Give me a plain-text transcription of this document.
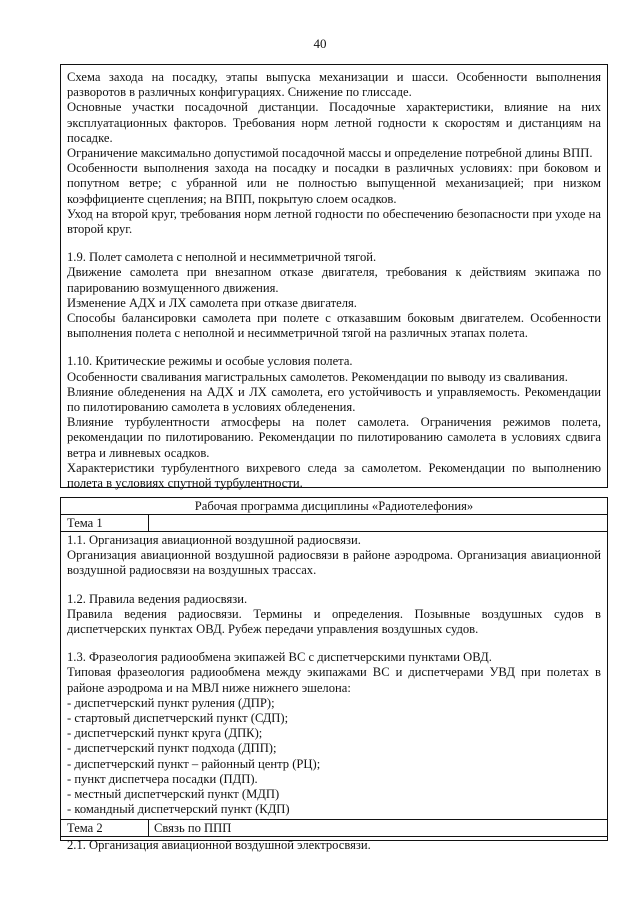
40

Схема захода на посадку, этапы выпуска механизации и шасси. Особенности выполнения разворотов в различных конфигурациях. Снижение по глиссаде.

Основные участки посадочной дистанции. Посадочные характеристики, влияние на них эксплуатационных факторов. Требования норм летной годности к скоростям и дистанциям на посадке.

Ограничение максимально допустимой посадочной массы и определение потребной длины ВПП.

Особенности выполнения захода на посадку и посадки в различных условиях: при боковом и попутном ветре; с убранной или не полностью выпущенной механизацией; при низком коэффициенте сцепления; на ВПП, покрытую слоем осадков.

Уход на второй круг, требования норм летной годности по обеспечению безопасности при уходе на второй круг.

1.9. Полет самолета с неполной и несимметричной тягой.

Движение самолета при внезапном отказе двигателя, требования к действиям экипажа по парированию возмущенного движения.

Изменение АДХ и ЛХ самолета при отказе двигателя.

Способы балансировки самолета при полете с отказавшим боковым двигателем. Особенности выполнения полета с неполной и несимметричной тягой на различных этапах полета.

1.10. Критические режимы и особые условия полета.

Особенности сваливания магистральных самолетов. Рекомендации по выводу из сваливания.

Влияние обледенения на АДХ и ЛХ самолета, его устойчивость и управляемость. Рекомендации по пилотированию самолета в условиях обледенения.

Влияние турбулентности атмосферы на полет самолета. Ограничения режимов полета, рекомендации по пилотированию. Рекомендации по пилотированию самолета в условиях сдвига ветра и ливневых осадков.

Характеристики турбулентного вихревого следа за самолетом. Рекомендации по выполнению полета в условиях спутной турбулентности.

Рабочая программа дисциплины «Радиотелефония»
Тема 1

1.1. Организация авиационной воздушной радиосвязи.

Организация авиационной воздушной радиосвязи в районе аэродрома. Организация авиационной воздушной радиосвязи на воздушных трассах.

1.2. Правила ведения радиосвязи.

Правила ведения радиосвязи. Термины и определения. Позывные воздушных судов в диспетчерских пунктах ОВД. Рубеж передачи управления воздушных судов.

1.3. Фразеология радиообмена экипажей ВС с диспетчерскими пунктами ОВД.

Типовая фразеология радиообмена между экипажами ВС и диспетчерами УВД при полетах в районе аэродрома и на МВЛ ниже нижнего эшелона:

- диспетчерский пункт руления (ДПР);

- стартовый диспетчерский пункт (СДП);

- диспетчерский пункт круга (ДПК);

- диспетчерский пункт подхода (ДПП);

- диспетчерский пункт – районный центр (РЦ);

- пункт диспетчера посадки (ПДП).

- местный диспетчерский пункт (МДП)

- командный диспетчерский пункт (КДП)

Тема 2	Связь по ППП
2.1. Организация авиационной воздушной электросвязи.
